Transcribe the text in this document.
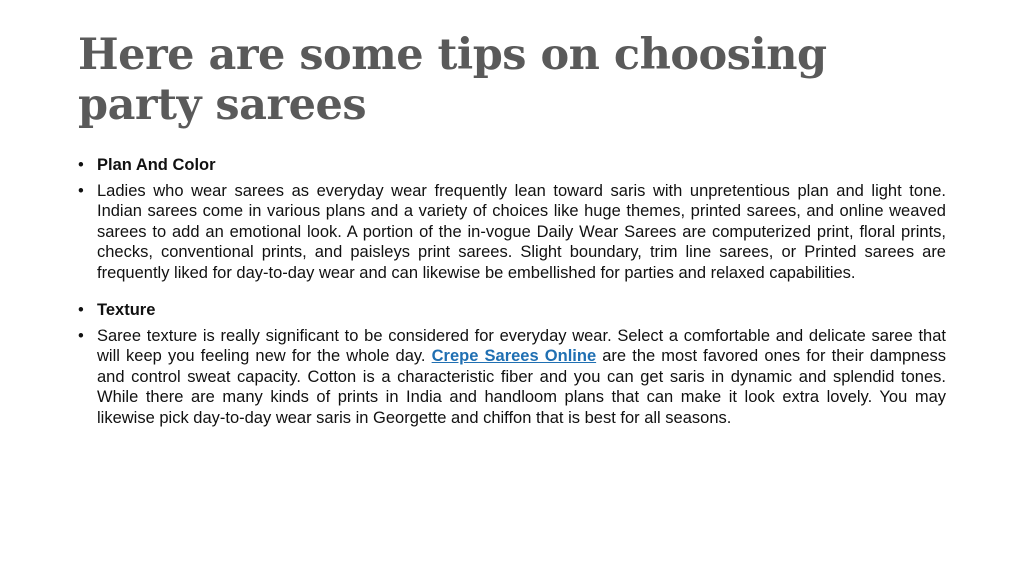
Here are some tips on choosing party sarees
• Plan And Color
• Ladies who wear sarees as everyday wear frequently lean toward saris with unpretentious plan and light tone. Indian sarees come in various plans and a variety of choices like huge themes, printed sarees, and online weaved sarees to add an emotional look. A portion of the in-vogue Daily Wear Sarees are computerized print, floral prints, checks, conventional prints, and paisleys print sarees. Slight boundary, trim line sarees, or Printed sarees are frequently liked for day-to-day wear and can likewise be embellished for parties and relaxed capabilities.
• Texture
• Saree texture is really significant to be considered for everyday wear. Select a comfortable and delicate saree that will keep you feeling new for the whole day. Crepe Sarees Online are the most favored ones for their dampness and control sweat capacity. Cotton is a characteristic fiber and you can get saris in dynamic and splendid tones. While there are many kinds of prints in India and handloom plans that can make it look extra lovely. You may likewise pick day-to-day wear saris in Georgette and chiffon that is best for all seasons.
